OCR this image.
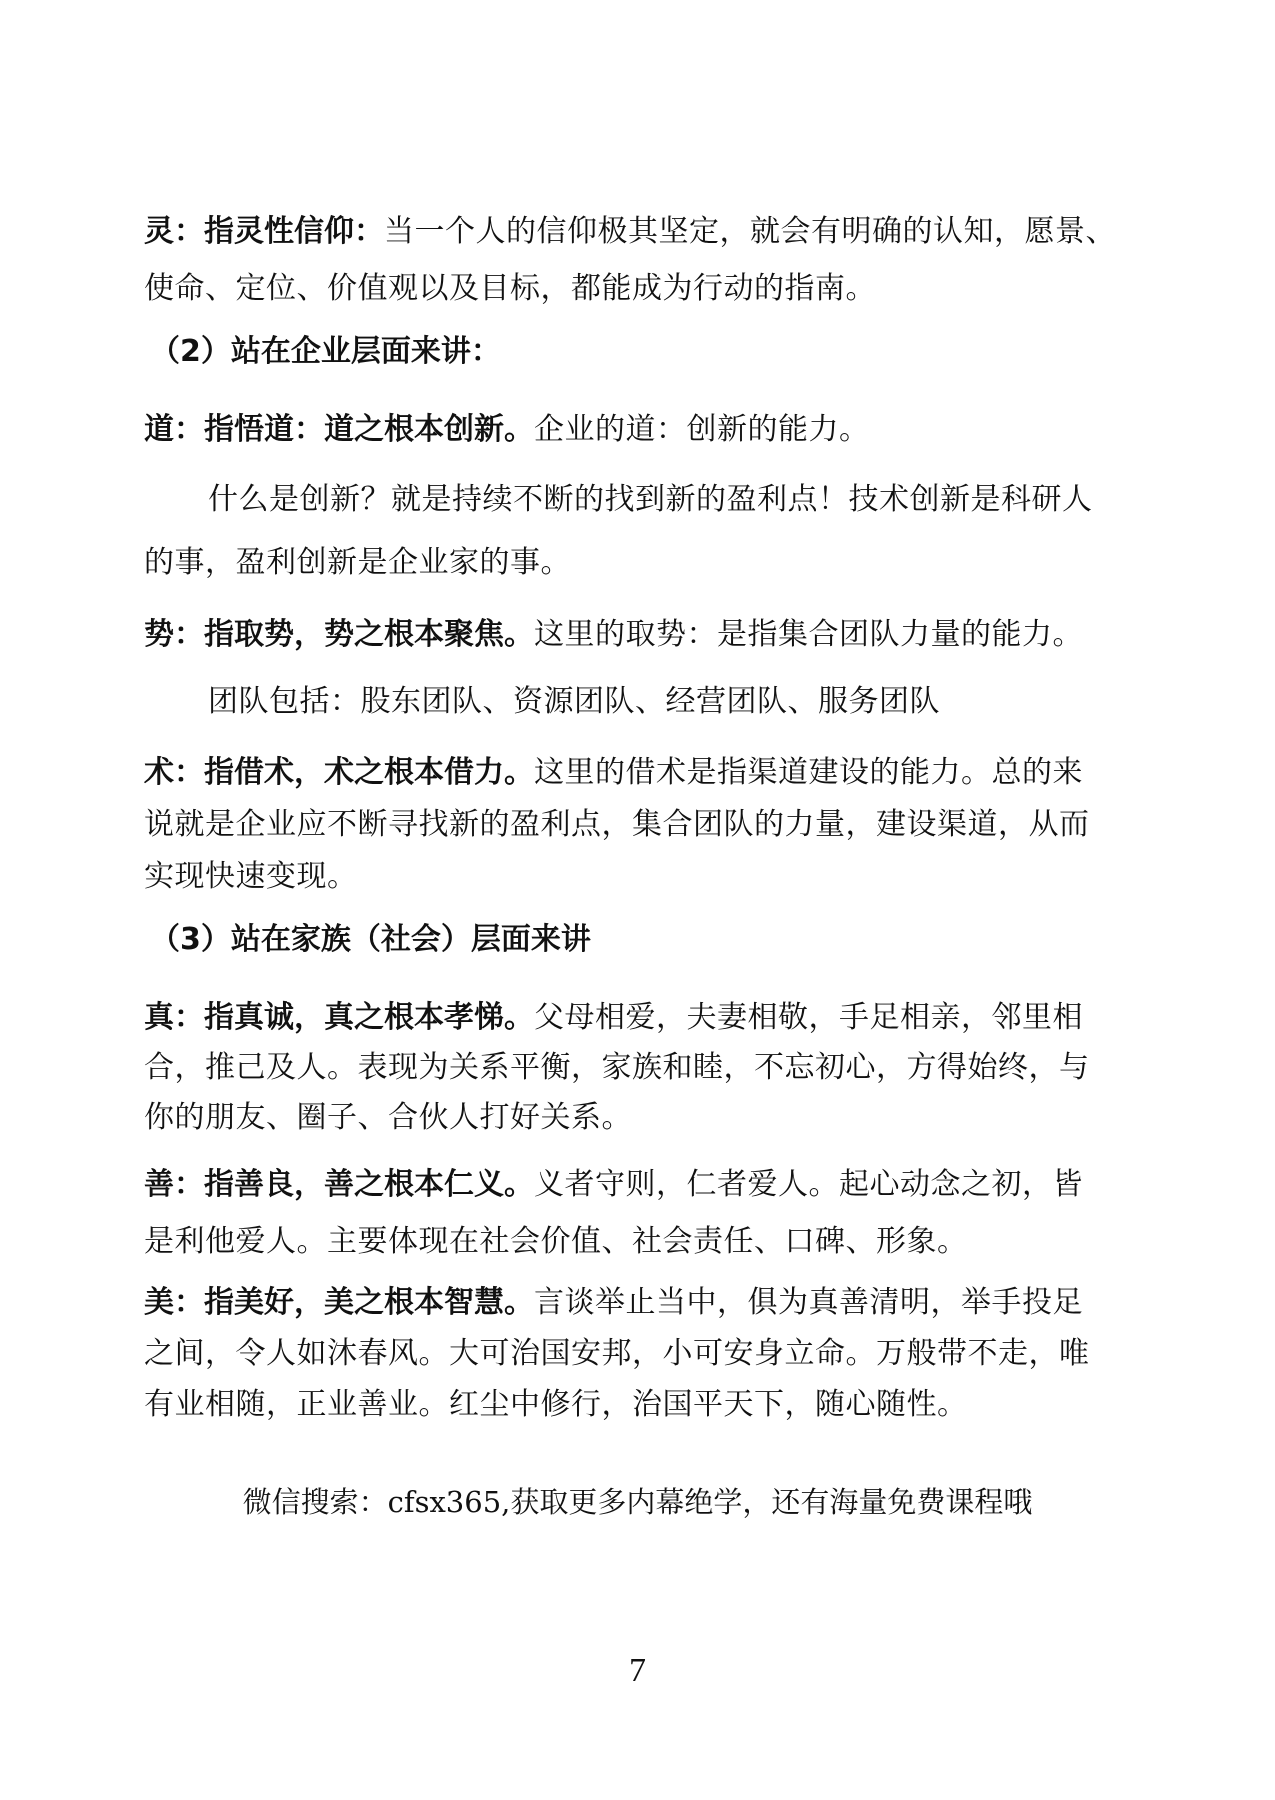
灵：指灵性信仰：当一个人的信仰极其坚定，就会有明确的认知，愿景、
使命、定位、价值观以及目标，都能成为行动的指南。
（2）站在企业层面来讲：
道：指悟道：道之根本创新。企业的道：创新的能力。
什么是创新？就是持续不断的找到新的盈利点！技术创新是科研人
的事，盈利创新是企业家的事。
势：指取势，势之根本聚焦。这里的取势：是指集合团队力量的能力。
团队包括：股东团队、资源团队、经营团队、服务团队
术：指借术，术之根本借力。这里的借术是指渠道建设的能力。总的来
说就是企业应不断寻找新的盈利点，集合团队的力量，建设渠道，从而
实现快速变现。
（3）站在家族（社会）层面来讲
真：指真诚，真之根本孝悌。父母相爱，夫妻相敬，手足相亲，邻里相
合，推己及人。表现为关系平衡，家族和睦，不忘初心，方得始终，与
你的朋友、圈子、合伙人打好关系。
善：指善良，善之根本仁义。义者守则，仁者爱人。起心动念之初，皆
是利他爱人。主要体现在社会价值、社会责任、口碑、形象。
美：指美好，美之根本智慧。言谈举止当中，俱为真善清明，举手投足
之间，令人如沐春风。大可治国安邦，小可安身立命。万般带不走，唯
有业相随，正业善业。红尘中修行，治国平天下，随心随性。
微信搜索：cfsx365,获取更多内幕绝学，还有海量免费课程哦
7
